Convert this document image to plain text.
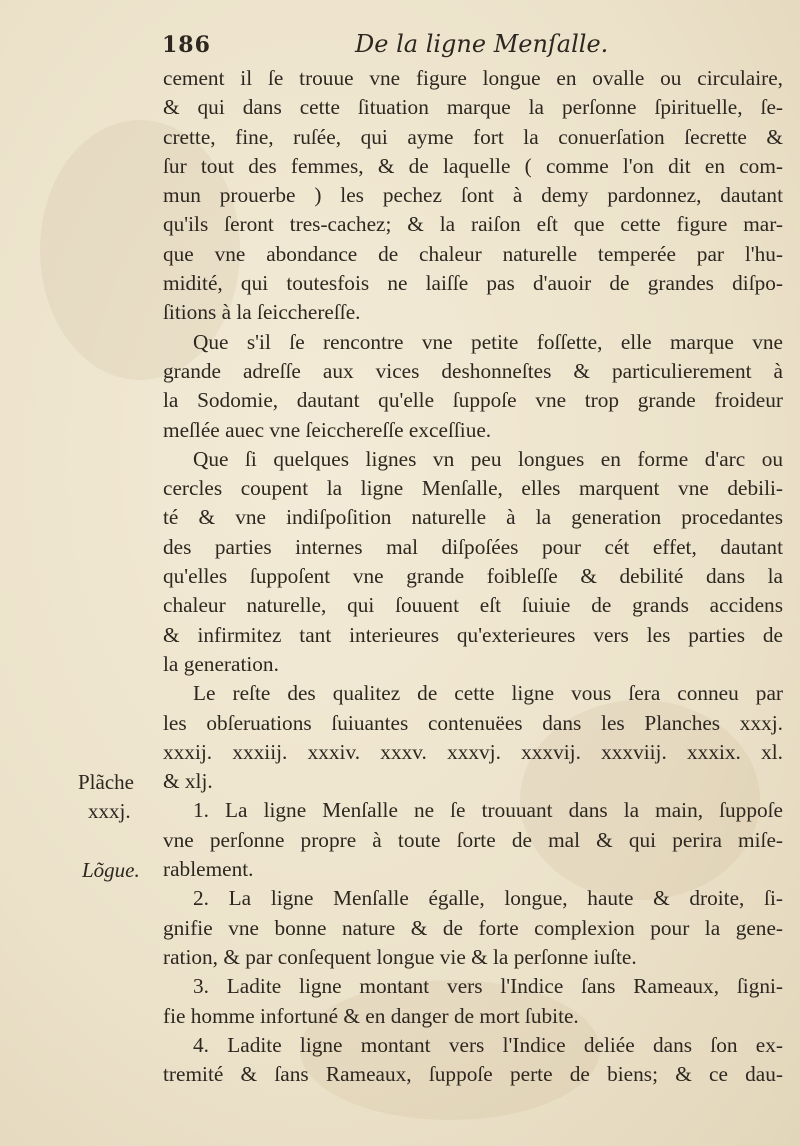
186	De la ligne Menſalle.
cement il ſe trouue vne figure longue en ovalle ou circulaire,
& qui dans cette ſituation marque la perſonne ſpirituelle, ſe-
crette, fine, ruſée, qui ayme fort la conuerſation ſecrette &
ſur tout des femmes, & de laquelle ( comme l'on dit en com-
mun prouerbe ) les pechez ſont à demy pardonnez, dautant
qu'ils ſeront tres-cachez; & la raiſon eſt que cette figure mar-
que vne abondance de chaleur naturelle temperée par l'hu-
midité, qui toutesfois ne laiſſe pas d'auoir de grandes diſpo-
ſitions à la ſeicchereſſe.
Que s'il ſe rencontre vne petite foſſette, elle marque vne
grande adreſſe aux vices deshonneſtes & particulierement à
la Sodomie, dautant qu'elle ſuppoſe vne trop grande froideur
meſlée auec vne ſeicchereſſe exceſſiue.
Que ſi quelques lignes vn peu longues en forme d'arc ou
cercles coupent la ligne Menſalle, elles marquent vne debili-
té & vne indiſpoſition naturelle à la generation procedantes
des parties internes mal diſpoſées pour cét effet, dautant
qu'elles ſuppoſent vne grande foibleſſe & debilité dans la
chaleur naturelle, qui ſouuent eſt ſuiuie de grands accidens
& infirmitez tant interieures qu'exterieures vers les parties de
la generation.
Le reſte des qualitez de cette ligne vous ſera conneu par
les obſeruations ſuiuantes contenuëes dans les Planches xxxj.
xxxij. xxxiij. xxxiv. xxxv. xxxvj. xxxvij. xxxviij. xxxix. xl.
& xlj.
1. La ligne Menſalle ne ſe trouuant dans la main, ſuppoſe
vne perſonne propre à toute ſorte de mal & qui perira miſe-
rablement.
2. La ligne Menſalle égalle, longue, haute & droite, ſi-
gnifie vne bonne nature & de forte complexion pour la gene-
ration, & par conſequent longue vie & la perſonne iuſte.
3. Ladite ligne montant vers l'Indice ſans Rameaux, ſigni-
fie homme infortuné & en danger de mort ſubite.
4. Ladite ligne montant vers l'Indice deliée dans ſon ex-
tremité & ſans Rameaux, ſuppoſe perte de biens; & ce dau-
Plãche
xxxj.
Lõgue.
